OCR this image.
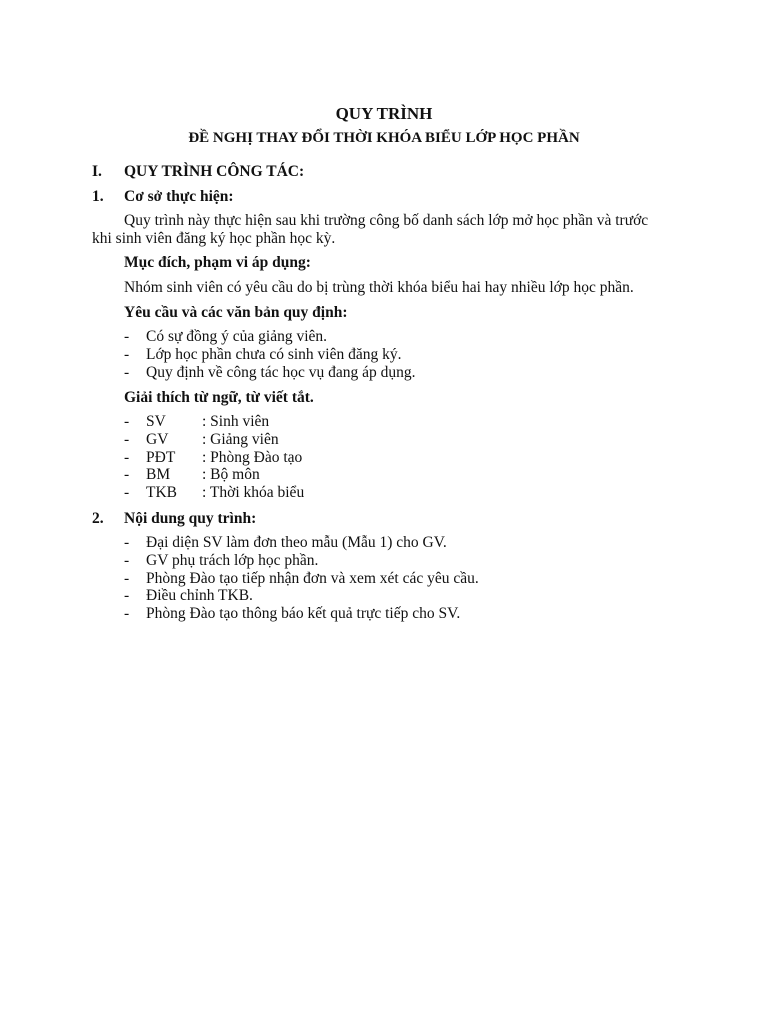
QUY TRÌNH
ĐỀ NGHỊ THAY ĐỔI THỜI KHÓA BIỂU LỚP HỌC PHẦN
I. QUY TRÌNH CÔNG TÁC:
1. Cơ sở thực hiện:
Quy trình này thực hiện sau khi trường công bố danh sách lớp mở học phần và trước
khi sinh viên đăng ký học phần học kỳ.
Mục đích, phạm vi áp dụng:
Nhóm sinh viên có yêu cầu do bị trùng thời khóa biểu hai hay nhiều lớp học phần.
Yêu cầu và các văn bản quy định:
- Có sự đồng ý của giảng viên.
- Lớp học phần chưa có sinh viên đăng ký.
- Quy định về công tác học vụ đang áp dụng.
Giải thích từ ngữ, từ viết tắt.
- SV : Sinh viên
- GV : Giảng viên
- PĐT : Phòng Đào tạo
- BM : Bộ môn
- TKB : Thời khóa biểu
2. Nội dung quy trình:
- Đại diện SV làm đơn theo mẫu (Mẫu 1) cho GV.
- GV phụ trách lớp học phần.
- Phòng Đào tạo tiếp nhận đơn và xem xét các yêu cầu.
- Điều chỉnh TKB.
- Phòng Đào tạo thông báo kết quả trực tiếp cho SV.
